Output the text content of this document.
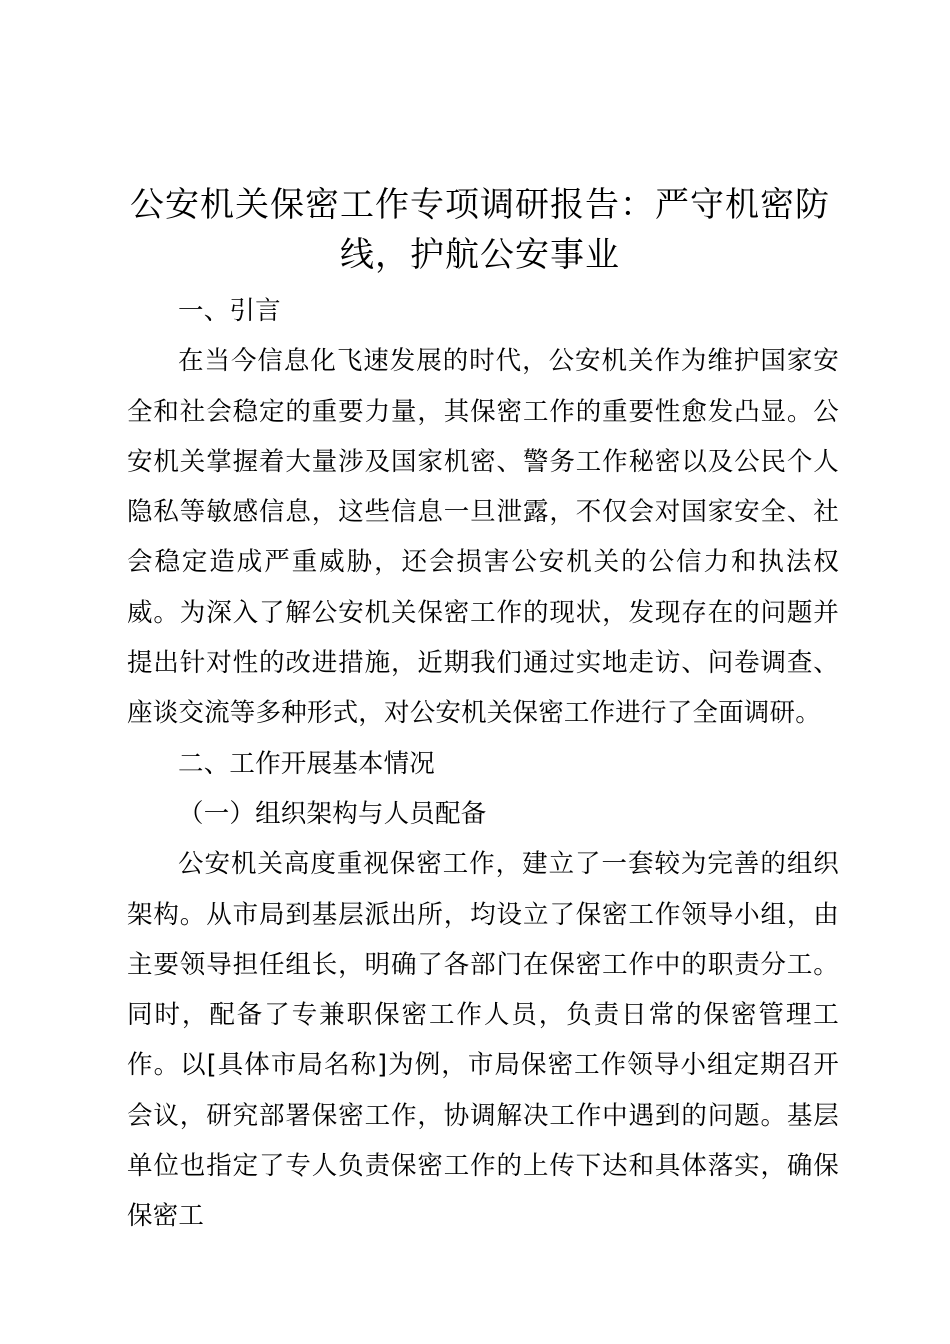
公安机关保密工作专项调研报告：严守机密防线，护航公安事业

一、引言

在当今信息化飞速发展的时代，公安机关作为维护国家安全和社会稳定的重要力量，其保密工作的重要性愈发凸显。公安机关掌握着大量涉及国家机密、警务工作秘密以及公民个人隐私等敏感信息，这些信息一旦泄露，不仅会对国家安全、社会稳定造成严重威胁，还会损害公安机关的公信力和执法权威。为深入了解公安机关保密工作的现状，发现存在的问题并提出针对性的改进措施，近期我们通过实地走访、问卷调查、座谈交流等多种形式，对公安机关保密工作进行了全面调研。

二、工作开展基本情况

（一）组织架构与人员配备

公安机关高度重视保密工作，建立了一套较为完善的组织架构。从市局到基层派出所，均设立了保密工作领导小组，由主要领导担任组长，明确了各部门在保密工作中的职责分工。同时，配备了专兼职保密工作人员，负责日常的保密管理工作。以[具体市局名称]为例，市局保密工作领导小组定期召开会议，研究部署保密工作，协调解决工作中遇到的问题。基层单位也指定了专人负责保密工作的上传下达和具体落实，确保保密工
